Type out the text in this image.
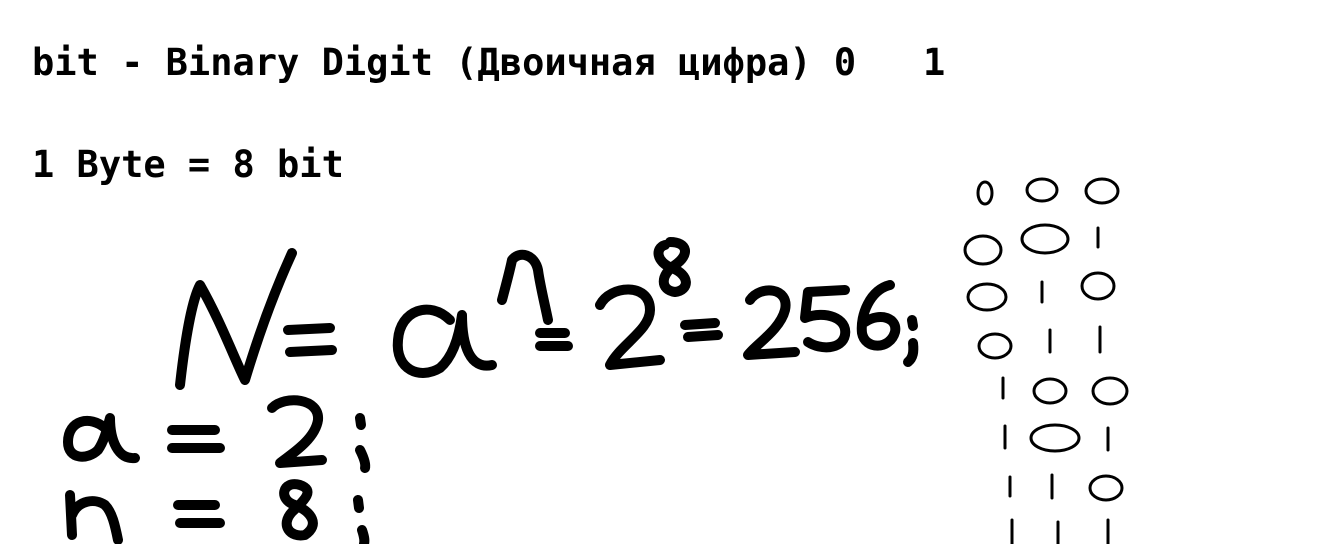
bit - Binary Digit (Двоичная цифра) 0   1

1 Byte = 8 bit
